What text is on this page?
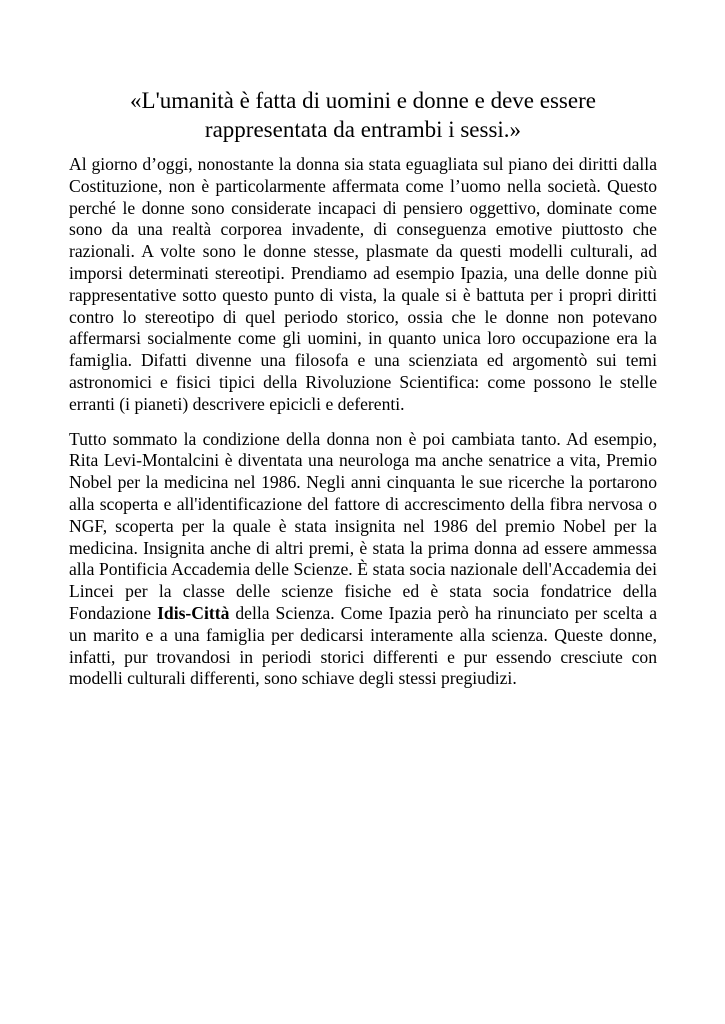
«L'umanità è fatta di uomini e donne e deve essere rappresentata da entrambi i sessi.»

Al giorno d’oggi, nonostante la donna sia stata eguagliata sul piano dei diritti dalla Costituzione, non è particolarmente affermata come l’uomo nella società. Questo perché le donne sono considerate incapaci di pensiero oggettivo, dominate come sono da una realtà corporea invadente, di conseguenza emotive piuttosto che razionali. A volte sono le donne stesse, plasmate da questi modelli culturali, ad imporsi determinati stereotipi. Prendiamo ad esempio Ipazia, una delle donne più rappresentative sotto questo punto di vista, la quale si è battuta per i propri diritti contro lo stereotipo di quel periodo storico, ossia che le donne non potevano affermarsi socialmente come gli uomini, in quanto unica loro occupazione era la famiglia. Difatti divenne una filosofa e una scienziata ed argomentò sui temi astronomici e fisici tipici della Rivoluzione Scientifica: come possono le stelle erranti (i pianeti) descrivere epicicli e deferenti.

Tutto sommato la condizione della donna non è poi cambiata tanto. Ad esempio, Rita Levi-Montalcini è diventata una neurologa ma anche senatrice a vita, Premio Nobel per la medicina nel 1986. Negli anni cinquanta le sue ricerche la portarono alla scoperta e all'identificazione del fattore di accrescimento della fibra nervosa o NGF, scoperta per la quale è stata insignita nel 1986 del premio Nobel per la medicina. Insignita anche di altri premi, è stata la prima donna ad essere ammessa alla Pontificia Accademia delle Scienze. È stata socia nazionale dell'Accademia dei Lincei per la classe delle scienze fisiche ed è stata socia fondatrice della Fondazione Idis-Città della Scienza. Come Ipazia però ha rinunciato per scelta a un marito e a una famiglia per dedicarsi interamente alla scienza. Queste donne, infatti, pur trovandosi in periodi storici differenti e pur essendo cresciute con modelli culturali differenti, sono schiave degli stessi pregiudizi.
